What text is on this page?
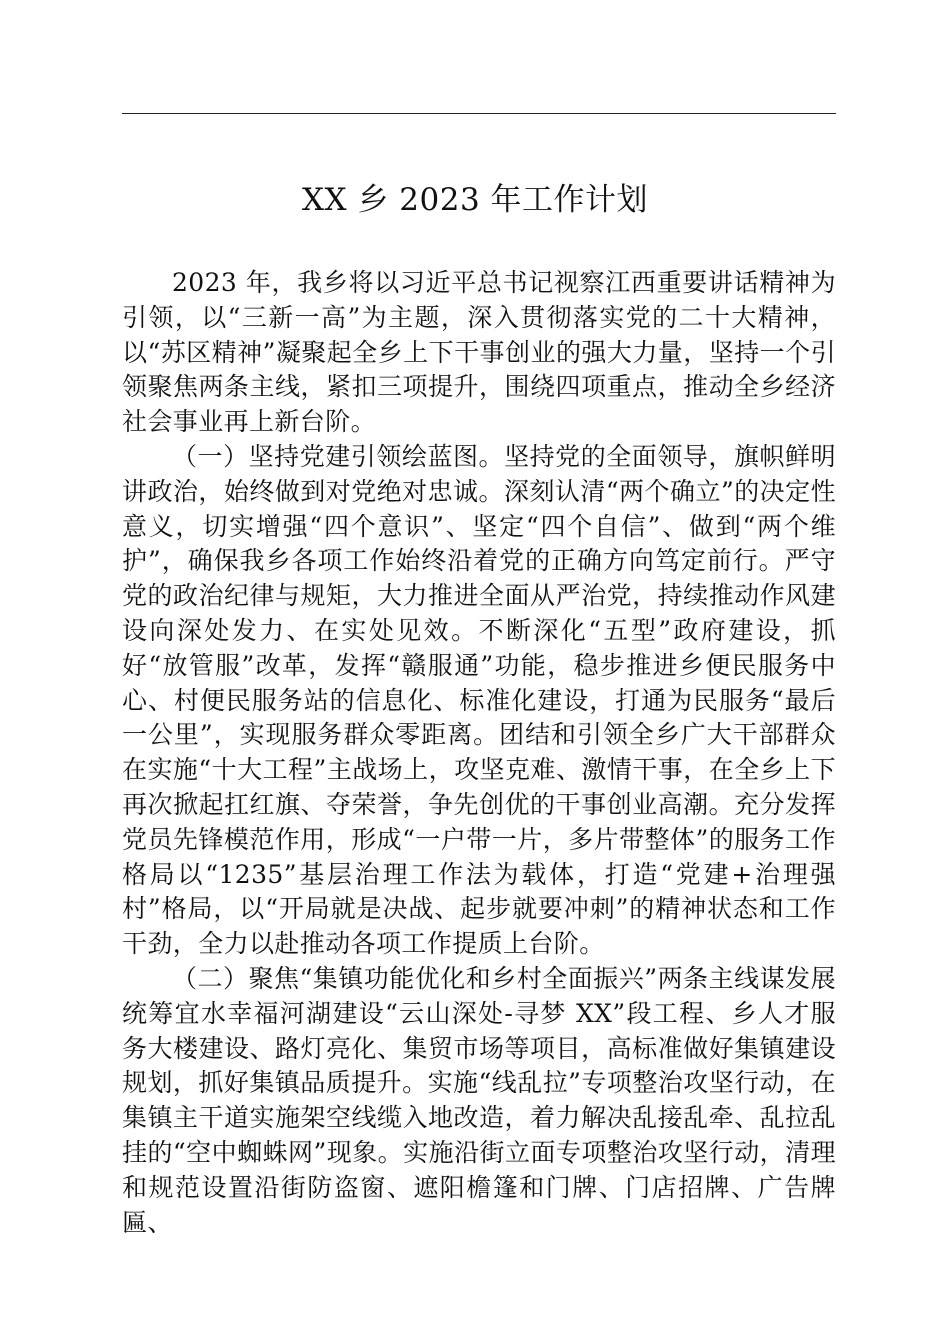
XX 乡 2023 年工作计划

2023 年，我乡将以习近平总书记视察江西重要讲话精神为引领，以“三新一高”为主题，深入贯彻落实党的二十大精神，以“苏区精神”凝聚起全乡上下干事创业的强大力量，坚持一个引领聚焦两条主线，紧扣三项提升，围绕四项重点，推动全乡经济社会事业再上新台阶。

（一）坚持党建引领绘蓝图。坚持党的全面领导，旗帜鲜明讲政治，始终做到对党绝对忠诚。深刻认清“两个确立”的决定性意义，切实增强“四个意识”、坚定“四个自信”、做到“两个维护”，确保我乡各项工作始终沿着党的正确方向笃定前行。严守党的政治纪律与规矩，大力推进全面从严治党，持续推动作风建设向深处发力、在实处见效。不断深化“五型”政府建设，抓好“放管服”改革，发挥“赣服通”功能，稳步推进乡便民服务中心、村便民服务站的信息化、标准化建设，打通为民服务“最后一公里”，实现服务群众零距离。团结和引领全乡广大干部群众在实施“十大工程”主战场上，攻坚克难、激情干事，在全乡上下再次掀起扛红旗、夺荣誉，争先创优的干事创业高潮。充分发挥党员先锋模范作用，形成“一户带一片，多片带整体”的服务工作格局以“1235”基层治理工作法为载体，打造“党建+治理强村”格局，以“开局就是决战、起步就要冲刺”的精神状态和工作干劲，全力以赴推动各项工作提质上台阶。

（二）聚焦“集镇功能优化和乡村全面振兴”两条主线谋发展统筹宜水幸福河湖建设“云山深处-寻梦 XX”段工程、乡人才服务大楼建设、路灯亮化、集贸市场等项目，高标准做好集镇建设规划，抓好集镇品质提升。实施“线乱拉”专项整治攻坚行动，在集镇主干道实施架空线缆入地改造，着力解决乱接乱牵、乱拉乱挂的“空中蜘蛛网”现象。实施沿街立面专项整治攻坚行动，清理和规范设置沿街防盗窗、遮阳檐篷和门牌、门店招牌、广告牌匾、
